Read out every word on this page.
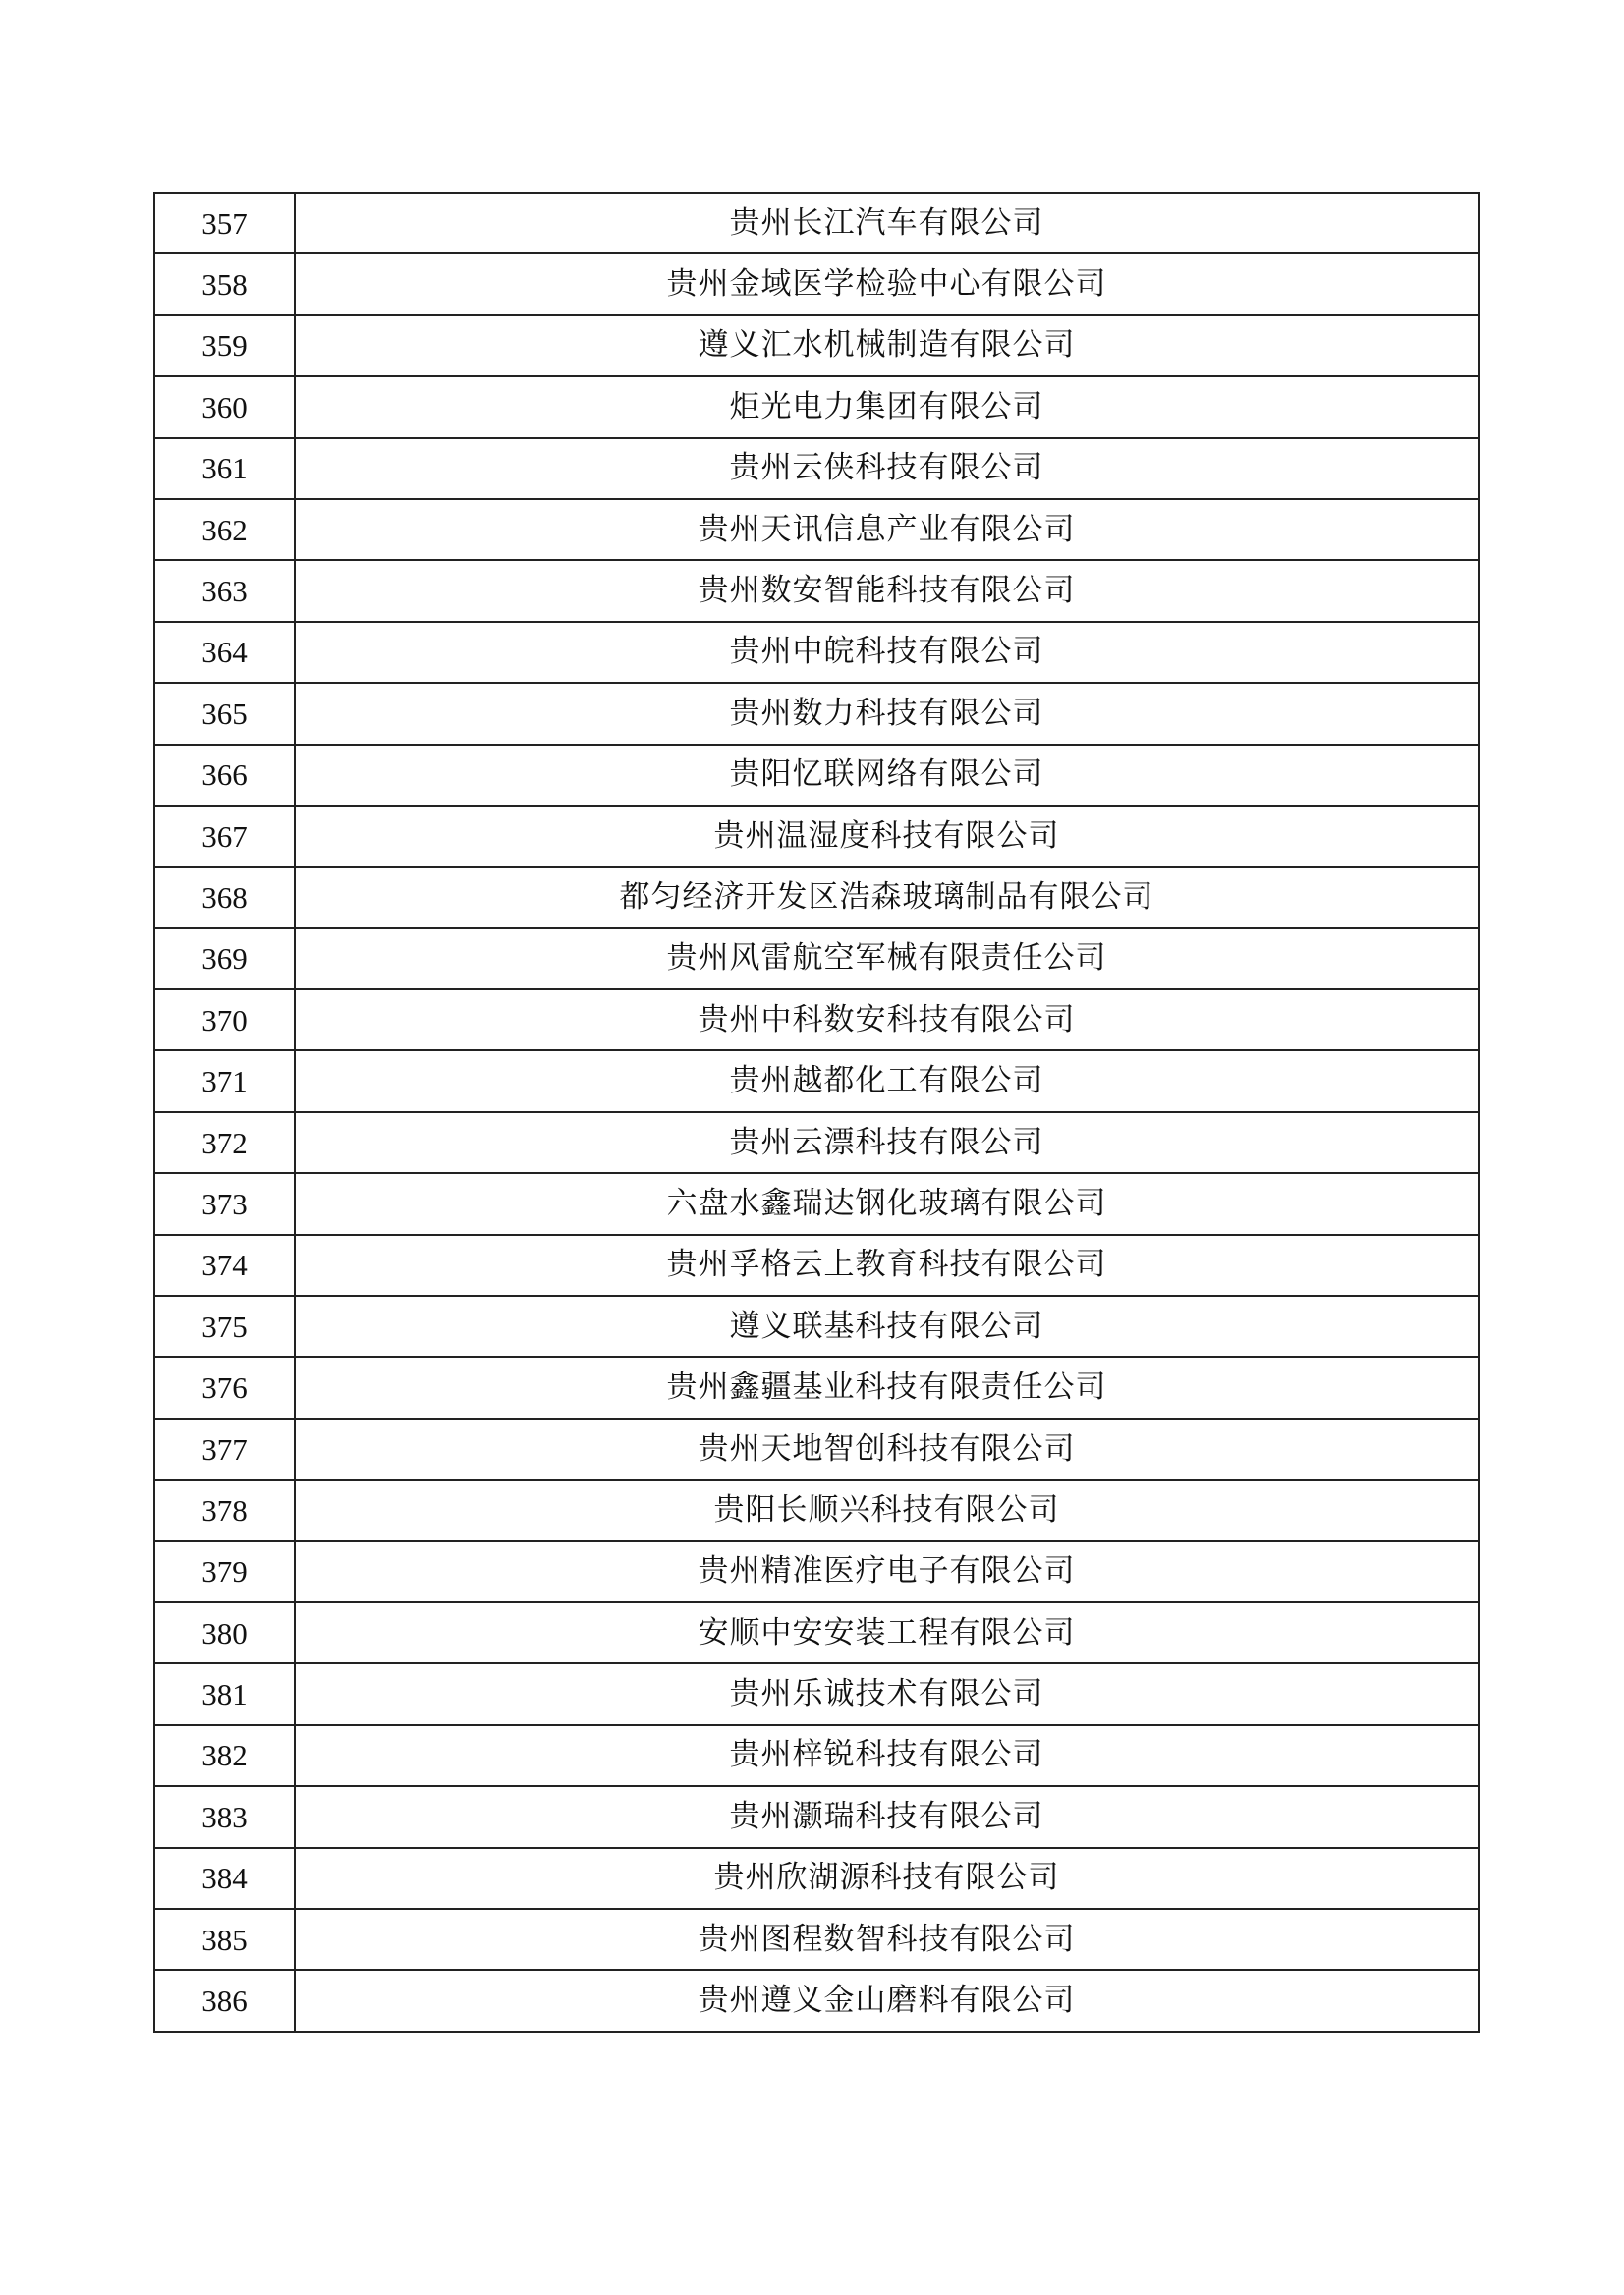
357	贵州长江汽车有限公司
358	贵州金域医学检验中心有限公司
359	遵义汇水机械制造有限公司
360	炬光电力集团有限公司
361	贵州云侠科技有限公司
362	贵州天讯信息产业有限公司
363	贵州数安智能科技有限公司
364	贵州中皖科技有限公司
365	贵州数力科技有限公司
366	贵阳忆联网络有限公司
367	贵州温湿度科技有限公司
368	都匀经济开发区浩森玻璃制品有限公司
369	贵州风雷航空军械有限责任公司
370	贵州中科数安科技有限公司
371	贵州越都化工有限公司
372	贵州云漂科技有限公司
373	六盘水鑫瑞达钢化玻璃有限公司
374	贵州孚格云上教育科技有限公司
375	遵义联基科技有限公司
376	贵州鑫疆基业科技有限责任公司
377	贵州天地智创科技有限公司
378	贵阳长顺兴科技有限公司
379	贵州精准医疗电子有限公司
380	安顺中安安装工程有限公司
381	贵州乐诚技术有限公司
382	贵州梓锐科技有限公司
383	贵州灏瑞科技有限公司
384	贵州欣湖源科技有限公司
385	贵州图程数智科技有限公司
386	贵州遵义金山磨料有限公司
